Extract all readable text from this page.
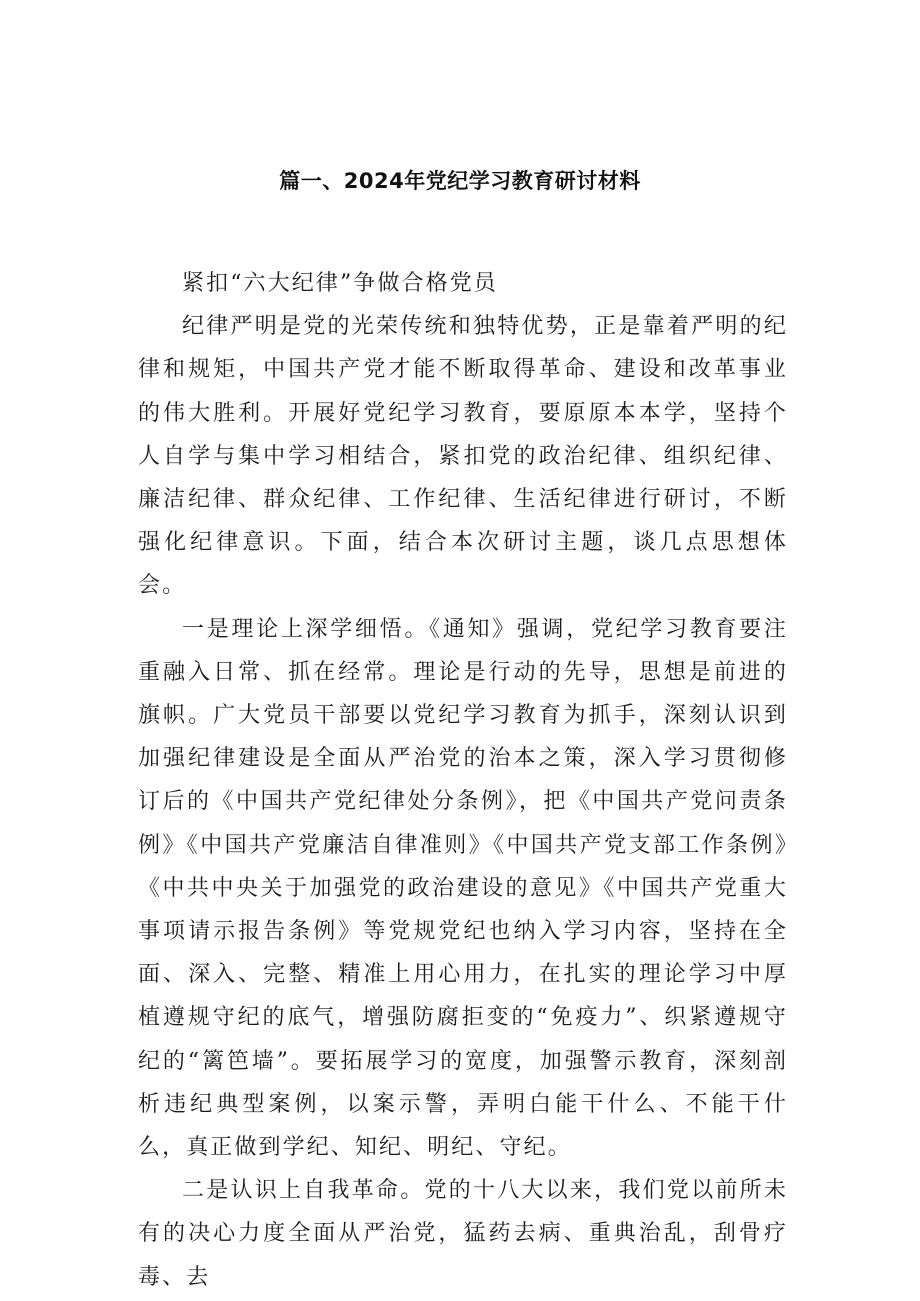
篇一、2024年党纪学习教育研讨材料

紧扣“六大纪律”争做合格党员

纪律严明是党的光荣传统和独特优势，正是靠着严明的纪律和规矩，中国共产党才能不断取得革命、建设和改革事业的伟大胜利。开展好党纪学习教育，要原原本本学，坚持个人自学与集中学习相结合，紧扣党的政治纪律、组织纪律、廉洁纪律、群众纪律、工作纪律、生活纪律进行研讨，不断强化纪律意识。下面，结合本次研讨主题，谈几点思想体会。

一是理论上深学细悟。《通知》强调，党纪学习教育要注重融入日常、抓在经常。理论是行动的先导，思想是前进的旗帜。广大党员干部要以党纪学习教育为抓手，深刻认识到加强纪律建设是全面从严治党的治本之策，深入学习贯彻修订后的《中国共产党纪律处分条例》，把《中国共产党问责条例》《中国共产党廉洁自律准则》《中国共产党支部工作条例》《中共中央关于加强党的政治建设的意见》《中国共产党重大事项请示报告条例》等党规党纪也纳入学习内容，坚持在全面、深入、完整、精准上用心用力，在扎实的理论学习中厚植遵规守纪的底气，增强防腐拒变的“免疫力”、织紧遵规守纪的“篱笆墙”。要拓展学习的宽度，加强警示教育，深刻剖析违纪典型案例，以案示警，弄明白能干什么、不能干什么，真正做到学纪、知纪、明纪、守纪。

二是认识上自我革命。党的十八大以来，我们党以前所未有的决心力度全面从严治党，猛药去病、重典治乱，刮骨疗毒、去
